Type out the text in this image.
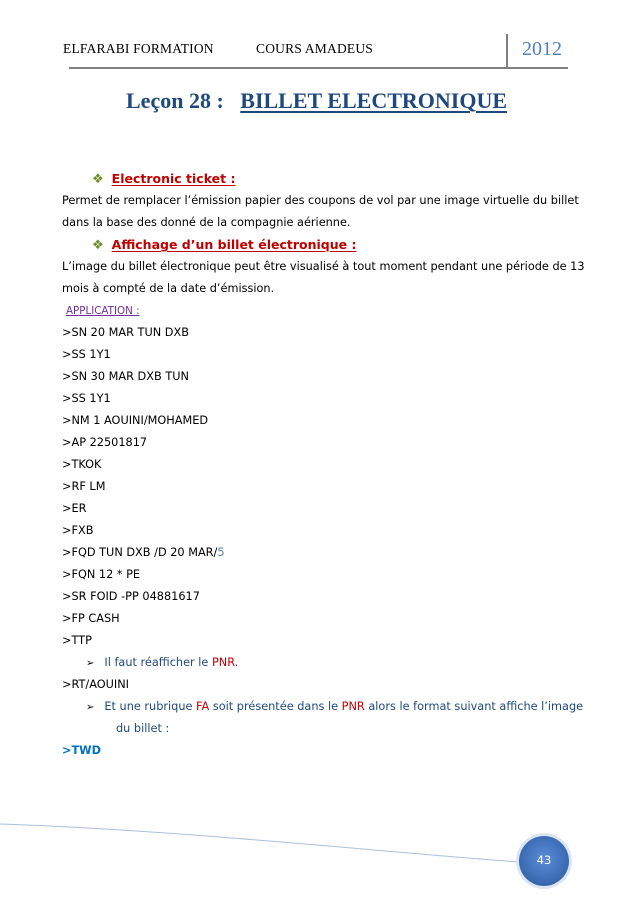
ELFARABI FORMATION	COURS AMADEUS	2012
Leçon 28 : BILLET ELECTRONIQUE
❖ Electronic ticket :
Permet de remplacer l’émission papier des coupons de vol par une image virtuelle du billet
dans la base des donné de la compagnie aérienne.
❖ Affichage d’un billet électronique :
L’image du billet électronique peut être visualisé à tout moment pendant une période de 13
mois à compté de la date d’émission.
APPLICATION :
>SN 20 MAR TUN DXB
>SS 1Y1
>SN 30 MAR DXB TUN
>SS 1Y1
>NM 1 AOUINI/MOHAMED
>AP 22501817
>TKOK
>RF LM
>ER
>FXB
>FQD TUN DXB /D 20 MAR/5
>FQN 12 * PE
>SR FOID -PP 04881617
>FP CASH
>TTP
➢ Il faut réafficher le PNR.
>RT/AOUINI
➢ Et une rubrique FA soit présentée dans le PNR alors le format suivant affiche l’image
du billet :
>TWD
43
